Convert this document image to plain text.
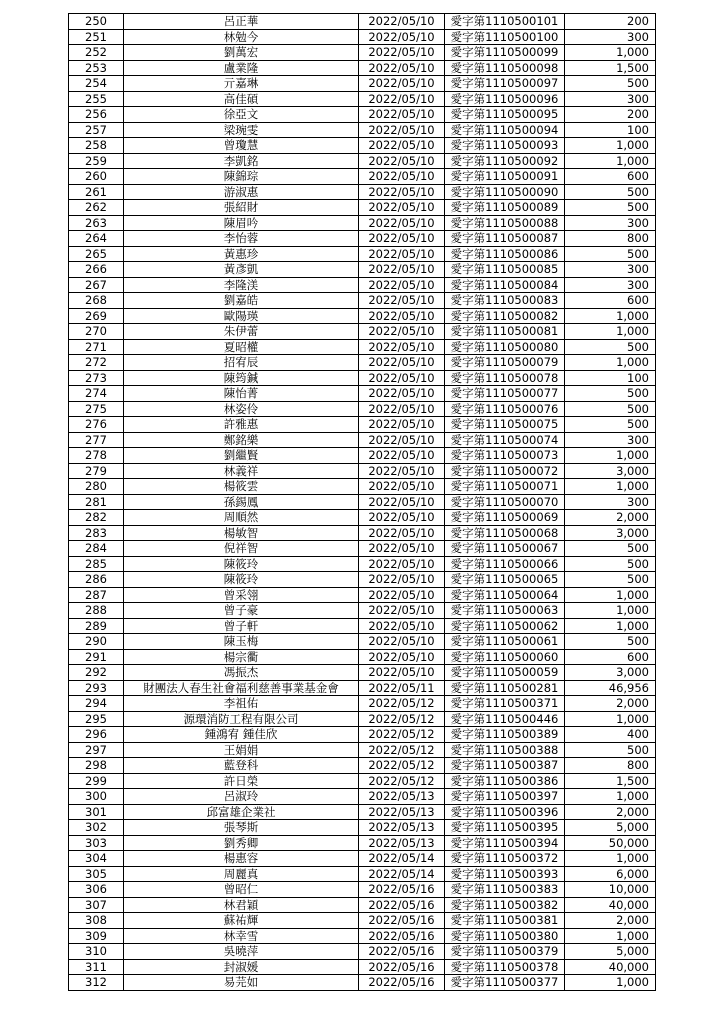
250	呂正華	2022/05/10	愛字第1110500101	200
251	林勉今	2022/05/10	愛字第1110500100	300
252	劉萬宏	2022/05/10	愛字第1110500099	1,000
253	盧業隆	2022/05/10	愛字第1110500098	1,500
254	亓嘉琳	2022/05/10	愛字第1110500097	500
255	高佳碩	2022/05/10	愛字第1110500096	300
256	徐亞文	2022/05/10	愛字第1110500095	200
257	梁琬雯	2022/05/10	愛字第1110500094	100
258	曾瓊慧	2022/05/10	愛字第1110500093	1,000
259	李凱銘	2022/05/10	愛字第1110500092	1,000
260	陳錦琮	2022/05/10	愛字第1110500091	600
261	游淑惠	2022/05/10	愛字第1110500090	500
262	張紹財	2022/05/10	愛字第1110500089	500
263	陳眉吟	2022/05/10	愛字第1110500088	300
264	李怡蓉	2022/05/10	愛字第1110500087	800
265	黃惠珍	2022/05/10	愛字第1110500086	500
266	黃彥凱	2022/05/10	愛字第1110500085	300
267	李隆渼	2022/05/10	愛字第1110500084	300
268	劉嘉皓	2022/05/10	愛字第1110500083	600
269	歐陽瑛	2022/05/10	愛字第1110500082	1,000
270	朱伊蕾	2022/05/10	愛字第1110500081	1,000
271	夏昭權	2022/05/10	愛字第1110500080	500
272	招宥辰	2022/05/10	愛字第1110500079	1,000
273	陳筠鍼	2022/05/10	愛字第1110500078	100
274	陳怡菁	2022/05/10	愛字第1110500077	500
275	林姿伶	2022/05/10	愛字第1110500076	500
276	許雅惠	2022/05/10	愛字第1110500075	500
277	鄭銘樂	2022/05/10	愛字第1110500074	300
278	劉繼賢	2022/05/10	愛字第1110500073	1,000
279	林義祥	2022/05/10	愛字第1110500072	3,000
280	楊筱雲	2022/05/10	愛字第1110500071	1,000
281	孫錫鳳	2022/05/10	愛字第1110500070	300
282	周順然	2022/05/10	愛字第1110500069	2,000
283	楊敏智	2022/05/10	愛字第1110500068	3,000
284	倪祥智	2022/05/10	愛字第1110500067	500
285	陳筱玲	2022/05/10	愛字第1110500066	500
286	陳筱玲	2022/05/10	愛字第1110500065	500
287	曾采翎	2022/05/10	愛字第1110500064	1,000
288	曾子豪	2022/05/10	愛字第1110500063	1,000
289	曾子軒	2022/05/10	愛字第1110500062	1,000
290	陳玉梅	2022/05/10	愛字第1110500061	500
291	楊宗衢	2022/05/10	愛字第1110500060	600
292	馮振杰	2022/05/10	愛字第1110500059	3,000
293	財團法人春生社會福利慈善事業基金會	2022/05/11	愛字第1110500281	46,956
294	李祖佑	2022/05/12	愛字第1110500371	2,000
295	源環消防工程有限公司	2022/05/12	愛字第1110500446	1,000
296	鍾鴻宥 鍾佳欣	2022/05/12	愛字第1110500389	400
297	王娟娟	2022/05/12	愛字第1110500388	500
298	藍登科	2022/05/12	愛字第1110500387	800
299	許日榮	2022/05/12	愛字第1110500386	1,500
300	呂淑玲	2022/05/13	愛字第1110500397	1,000
301	邱富雄企業社	2022/05/13	愛字第1110500396	2,000
302	張琴斯	2022/05/13	愛字第1110500395	5,000
303	劉秀卿	2022/05/13	愛字第1110500394	50,000
304	楊惠容	2022/05/14	愛字第1110500372	1,000
305	周麗真	2022/05/14	愛字第1110500393	6,000
306	曾昭仁	2022/05/16	愛字第1110500383	10,000
307	林君穎	2022/05/16	愛字第1110500382	40,000
308	蘇祐輝	2022/05/16	愛字第1110500381	2,000
309	林幸雪	2022/05/16	愛字第1110500380	1,000
310	吳曉萍	2022/05/16	愛字第1110500379	5,000
311	封淑媛	2022/05/16	愛字第1110500378	40,000
312	易芫如	2022/05/16	愛字第1110500377	1,000
